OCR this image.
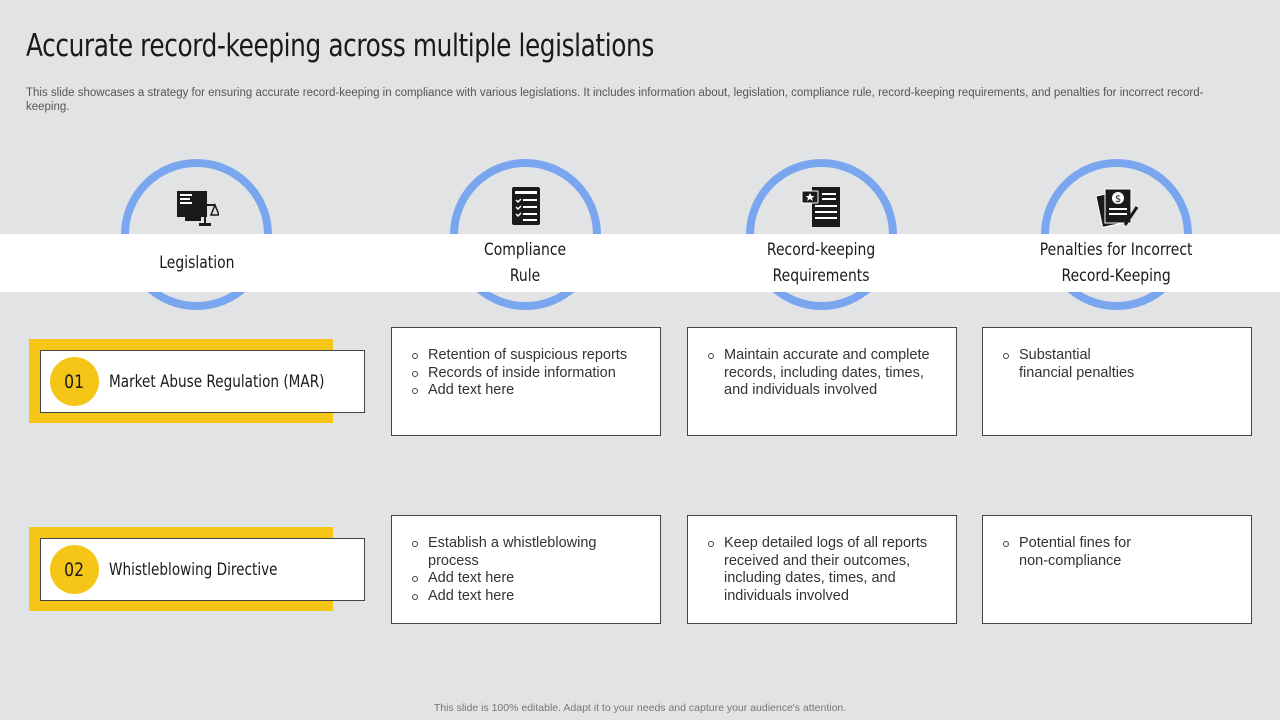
Accurate record-keeping across multiple legislations
This slide showcases a strategy for ensuring accurate record-keeping in compliance with various legislations. It includes information about, legislation, compliance rule, record-keeping requirements, and penalties for incorrect record-keeping.
$
Legislation
Compliance
Rule
Record-keeping
Requirements
Penalties for Incorrect
Record-Keeping
01 Market Abuse Regulation (MAR)
Retention of suspicious reports
Records of inside information
Add text here
Maintain accurate and complete records, including dates, times, and individuals involved
Substantial financial penalties
02 Whistleblowing Directive
Establish a whistleblowing process
Add text here
Add text here
Keep detailed logs of all reports received and their outcomes, including dates, times, and individuals involved
Potential fines for non-compliance
This slide is 100% editable. Adapt it to your needs and capture your audience's attention.
